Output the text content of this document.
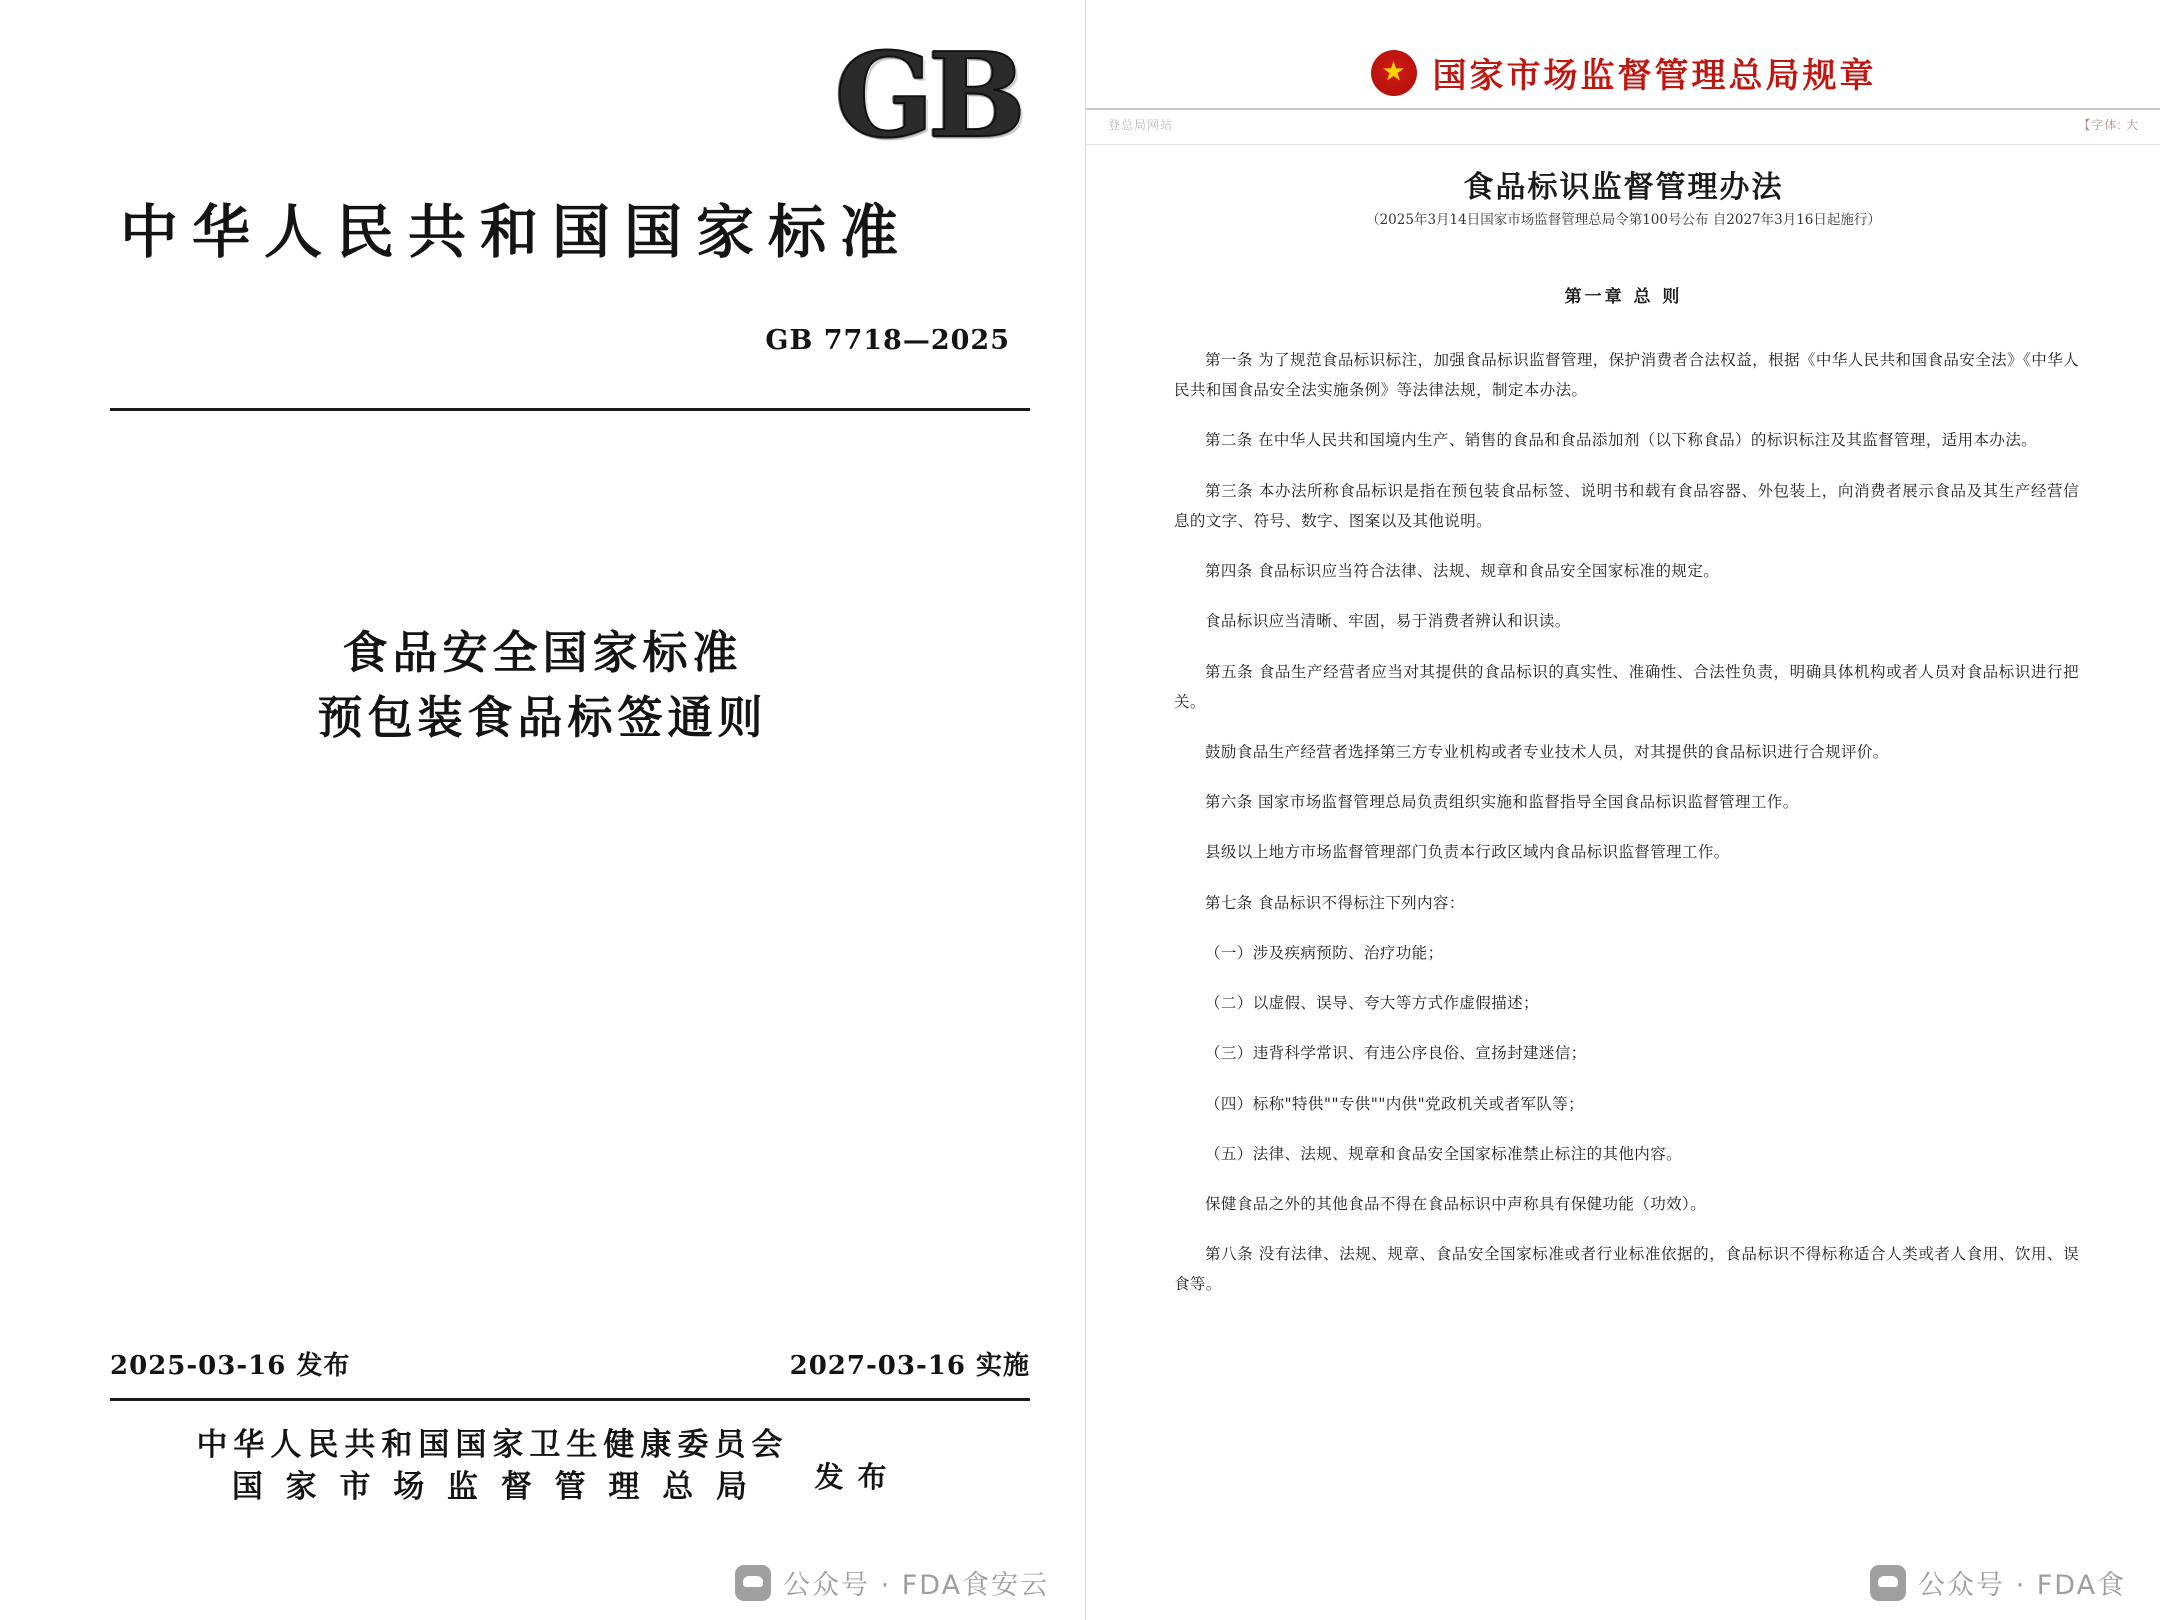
GB
中华人民共和国国家标准
GB 7718—2025
食品安全国家标准
预包装食品标签通则
2025-03-16 发布	2027-03-16 实施
中华人民共和国国家卫生健康委员会
国 家 市 场 监 督 管 理 总 局	发 布
★
国家市场监督管理总局规章
登总局网站	【字体: 大
食品标识监督管理办法
（2025年3月14日国家市场监督管理总局令第100号公布 自2027年3月16日起施行）
第一章 总 则

第一条 为了规范食品标识标注，加强食品标识监督管理，保护消费者合法权益，根据《中华人民共和国食品安全法》《中华人民共和国食品安全法实施条例》等法律法规，制定本办法。

第二条 在中华人民共和国境内生产、销售的食品和食品添加剂（以下称食品）的标识标注及其监督管理，适用本办法。

第三条 本办法所称食品标识是指在预包装食品标签、说明书和载有食品容器、外包装上，向消费者展示食品及其生产经营信息的文字、符号、数字、图案以及其他说明。

第四条 食品标识应当符合法律、法规、规章和食品安全国家标准的规定。

食品标识应当清晰、牢固，易于消费者辨认和识读。

第五条 食品生产经营者应当对其提供的食品标识的真实性、准确性、合法性负责，明确具体机构或者人员对食品标识进行把关。

鼓励食品生产经营者选择第三方专业机构或者专业技术人员，对其提供的食品标识进行合规评价。

第六条 国家市场监督管理总局负责组织实施和监督指导全国食品标识监督管理工作。

县级以上地方市场监督管理部门负责本行政区域内食品标识监督管理工作。

第七条 食品标识不得标注下列内容：

（一）涉及疾病预防、治疗功能；

（二）以虚假、误导、夸大等方式作虚假描述；

（三）违背科学常识、有违公序良俗、宣扬封建迷信；

（四）标称"特供""专供""内供"党政机关或者军队等；

（五）法律、法规、规章和食品安全国家标准禁止标注的其他内容。

保健食品之外的其他食品不得在食品标识中声称具有保健功能（功效）。

第八条 没有法律、法规、规章、食品安全国家标准或者行业标准依据的，食品标识不得标称适合人类或者人食用、饮用、误食等。

公众号 · FDA食安云	公众号 · FDA食
